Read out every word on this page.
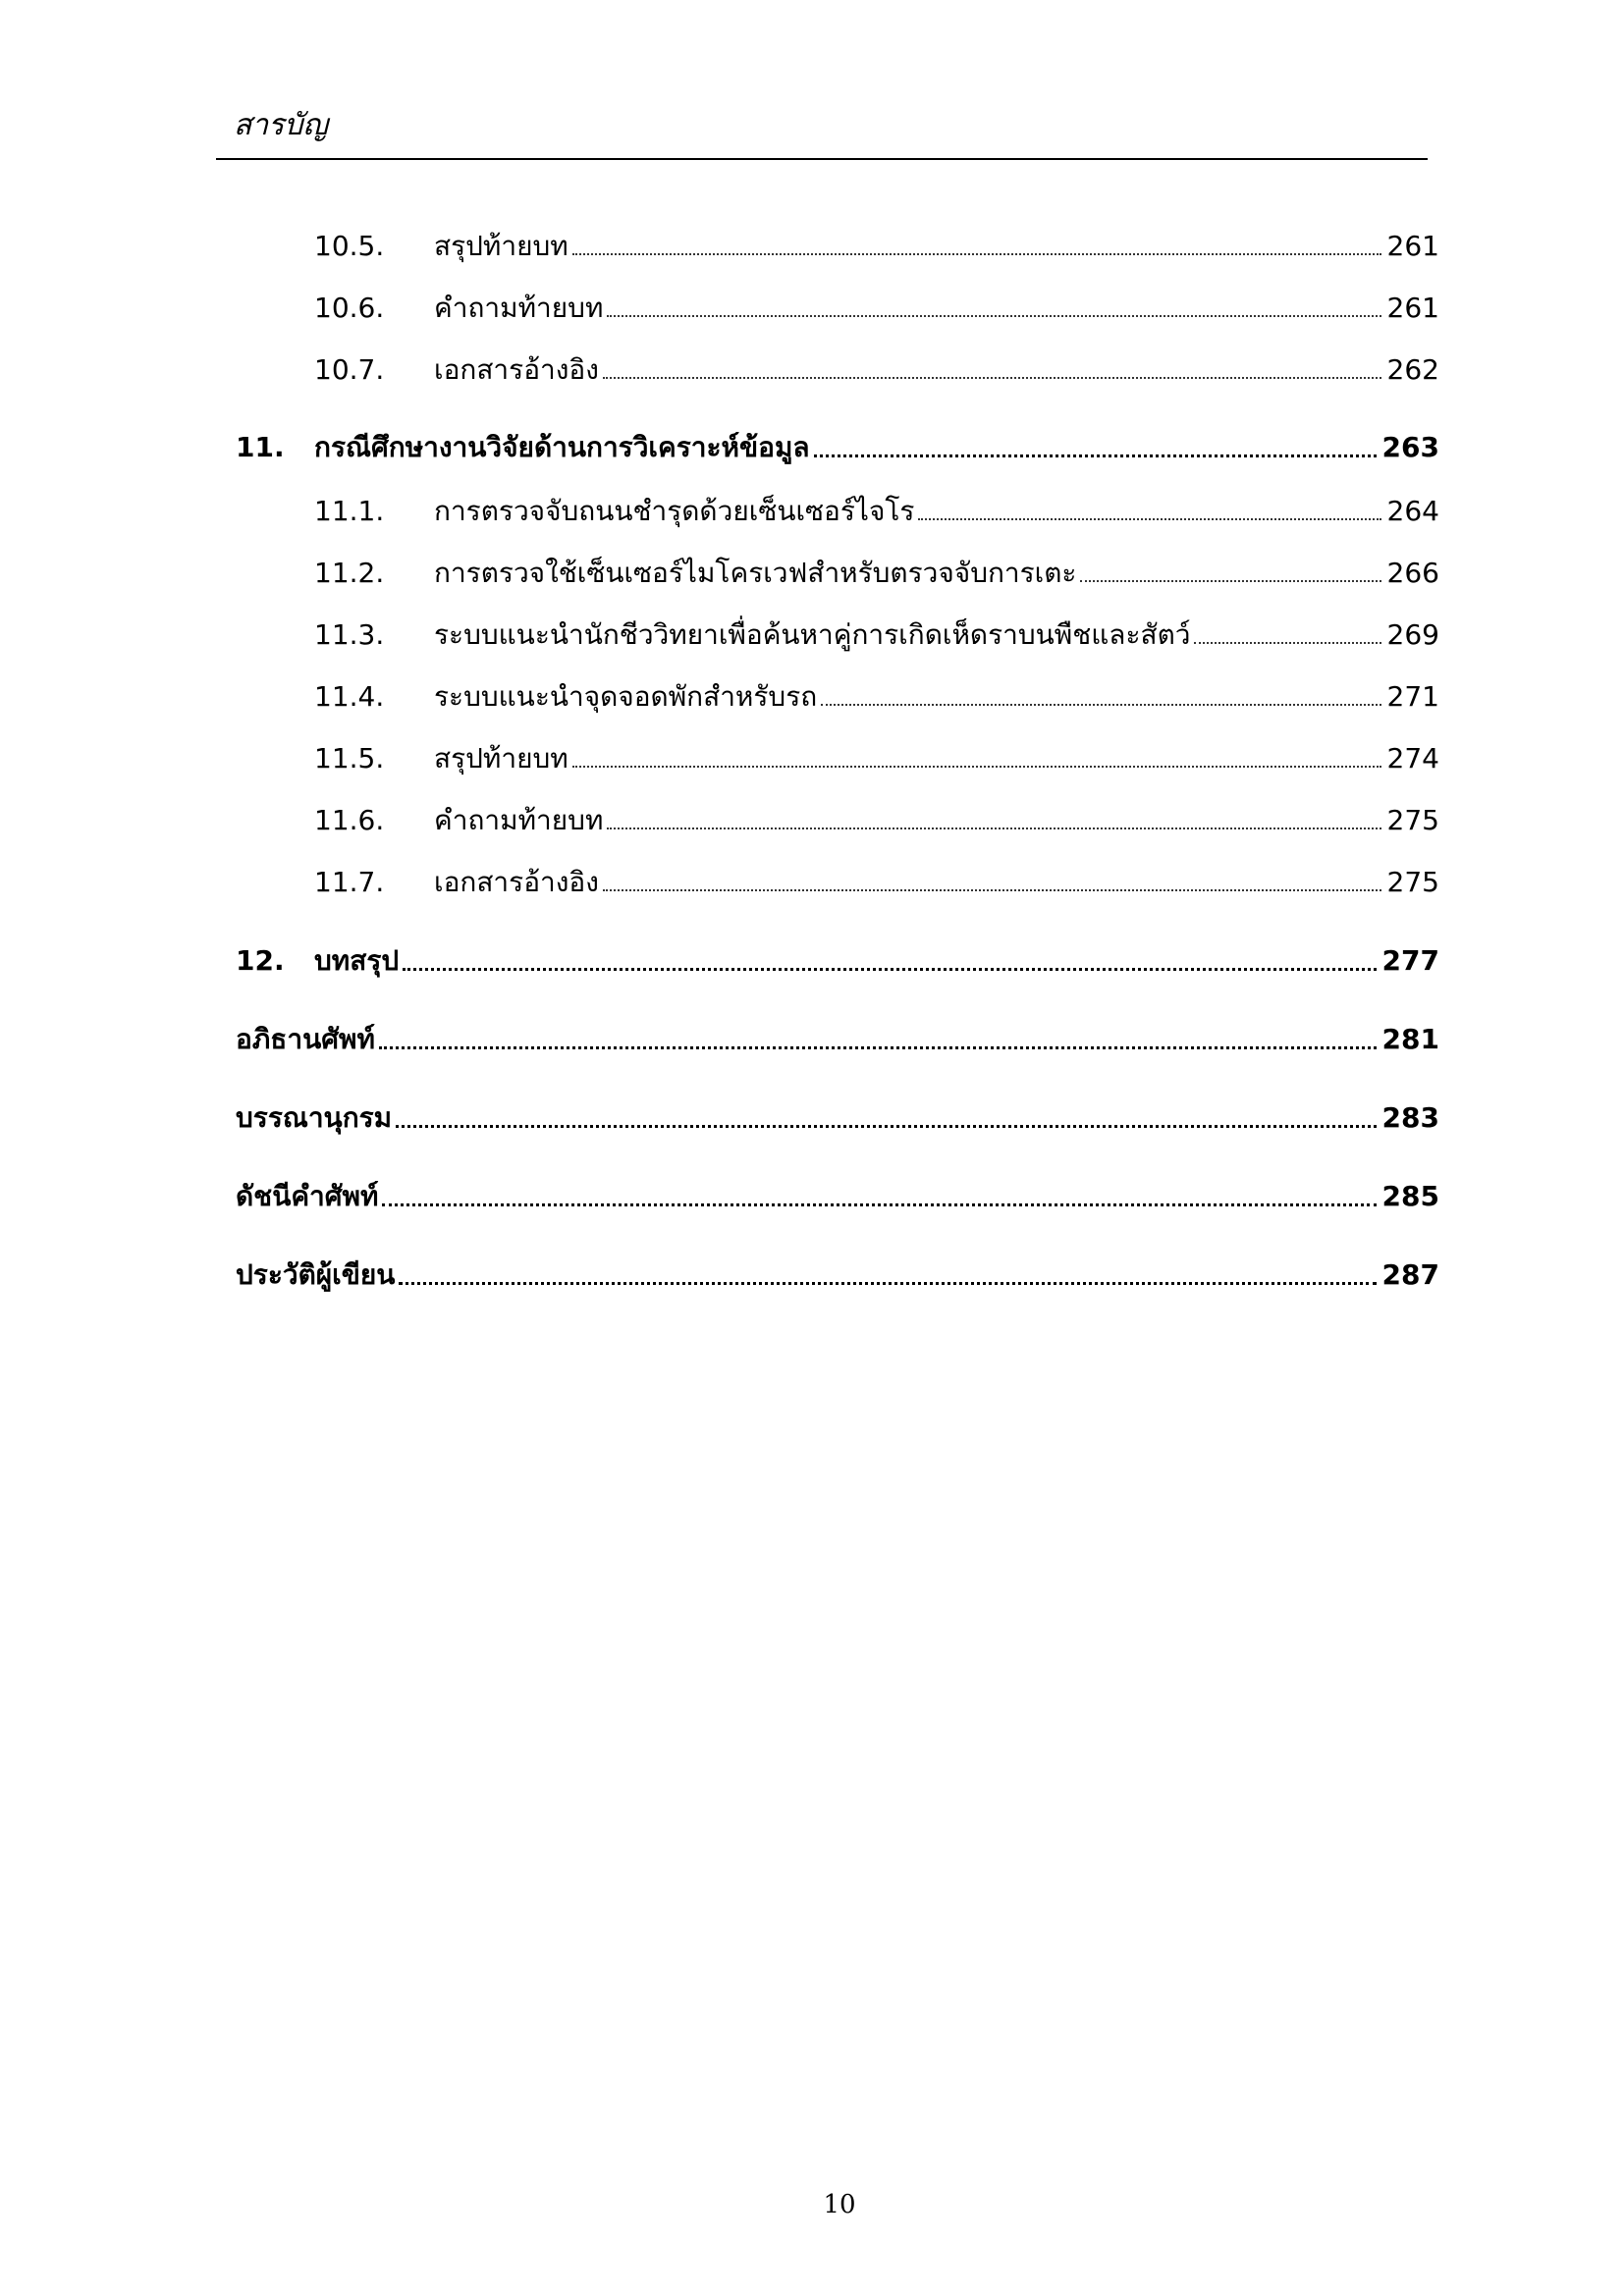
สารบัญ
10.5. สรุปท้ายบท	261
10.6. คำถามท้ายบท	261
10.7. เอกสารอ้างอิง	262
11. กรณีศึกษางานวิจัยด้านการวิเคราะห์ข้อมูล	263
11.1. การตรวจจับถนนชำรุดด้วยเซ็นเซอร์ไจโร	264
11.2. การตรวจใช้เซ็นเซอร์ไมโครเวฟสำหรับตรวจจับการเตะ	266
11.3. ระบบแนะนำนักชีววิทยาเพื่อค้นหาคู่การเกิดเห็ดราบนพืชและสัตว์	269
11.4. ระบบแนะนำจุดจอดพักสำหรับรถ	271
11.5. สรุปท้ายบท	274
11.6. คำถามท้ายบท	275
11.7. เอกสารอ้างอิง	275
12. บทสรุป	277
อภิธานศัพท์	281
บรรณานุกรม	283
ดัชนีคำศัพท์	285
ประวัติผู้เขียน	287
10
